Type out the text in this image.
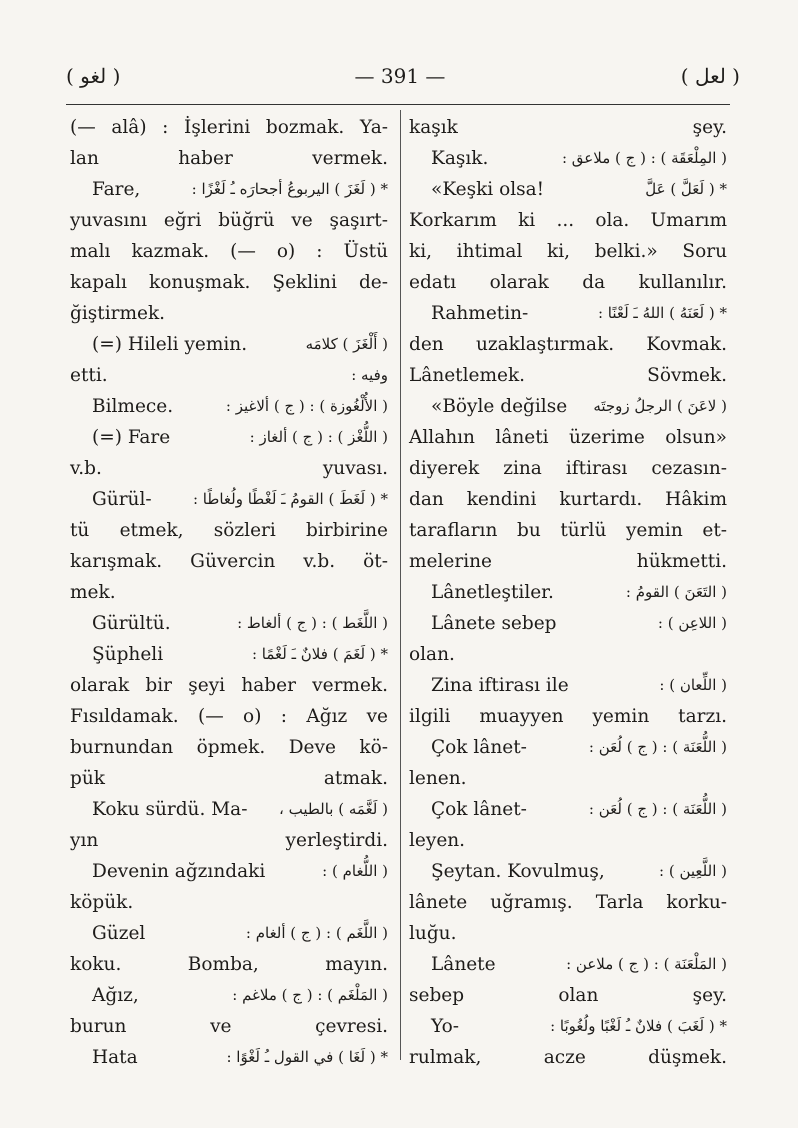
( لغو )	— 391 —	( لعل )
(— alâ) : İşlerini bozmak. Ya-
lan haber vermek.
Fare,	* ( لَغَزَ ) اليربوعُ أجحارَه ـُ لَغْزًا :
yuvasını eğri büğrü ve şaşırt-
malı kazmak. (— o) : Üstü
kapalı konuşmak. Şeklini de-
ğiştirmek.
(=) Hileli yemin.	( أَلْغَزَ ) كلامَه
etti.	وفيه :
Bilmece.	( الأُلْغُوزة ) : ( ج ) ألاغيز :
(=) Fare	( اللُّغْز ) : ( ج ) ألغاز :
v.b. yuvası.
Gürül-	* ( لَغَطَ ) القومُ ـَ لَغْطًا ولُغاطًا :
tü etmek, sözleri birbirine
karışmak. Güvercin v.b. öt-
mek.
Gürültü.	( اللَّغَط ) : ( ج ) ألغاط :
Şüpheli	* ( لَغَمَ ) فلانٌ ـَ لَغْمًا :
olarak bir şeyi haber vermek.
Fısıldamak. (— o) : Ağız ve
burnundan öpmek. Deve kö-
pük atmak.
Koku sürdü. Ma- ( لَغَّمَه ) بالطيب ،
yın yerleştirdi.
Devenin ağzındaki	( اللُّغام ) :
köpük.
Güzel	( اللَّغَم ) : ( ج ) ألغام :
koku. Bomba, mayın.
Ağız,	( المَلْغَم ) : ( ج ) ملاغم :
burun ve çevresi.
Hata	* ( لَغَا ) في القول ـُ لَغْوًا :
kaşık şey.
Kaşık.	( المِلْعَقَة ) : ( ج ) ملاعق :
«Keşki olsa!	* ( لَعَلَّ ) عَلَّ
Korkarım ki ... ola. Umarım
ki, ihtimal ki, belki.» Soru
edatı olarak da kullanılır.
Rahmetin-	* ( لَعَنَهُ ) اللهُ ـَ لَعْنًا :
den uzaklaştırmak. Kovmak.
Lânetlemek. Sövmek.
«Böyle değilse ( لاعَنَ ) الرجلُ زوجتَه
Allahın lâneti üzerime olsun»
diyerek zina iftirası cezasın-
dan kendini kurtardı. Hâkim
tarafların bu türlü yemin et-
melerine hükmetti.
Lânetleştiler.	( التَعَنَ ) القومُ :
Lânete sebep	( اللاعِن ) :
olan.
Zina iftirası ile	( اللِّعان ) :
ilgili muayyen yemin tarzı.
Çok lânet-	( اللُّعَنَة ) : ( ج ) لُعَن :
lenen.
Çok lânet-	( اللُّعَنَة ) : ( ج ) لُعَن :
leyen.
Şeytan. Kovulmuş,	( اللَّعِين ) :
lânete uğramış. Tarla korku-
luğu.
Lânete	( المَلْعَنَة ) : ( ج ) ملاعن :
sebep olan şey.
Yo-	* ( لَغَبَ ) فلانٌ ـُ لَغْبًا ولُغُوبًا :
rulmak, acze düşmek.
